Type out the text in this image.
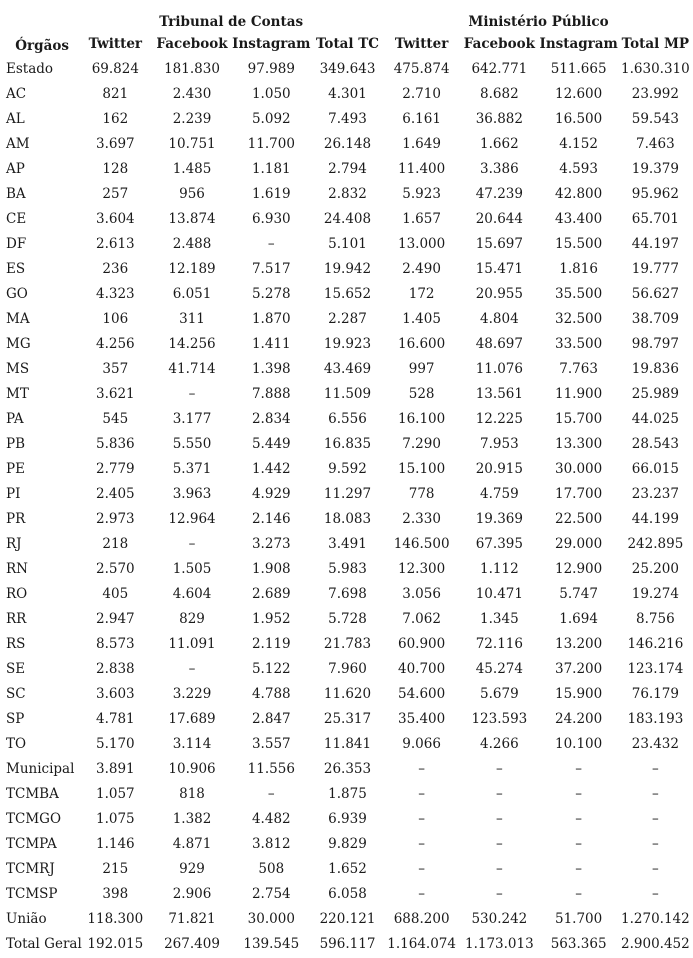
Órgãos	Tribunal de Contas				Ministério Público			
	Twitter	Facebook	Instagram	Total TC	Twitter	Facebook	Instagram	Total MP
Estado	69.824	181.830	97.989	349.643	475.874	642.771	511.665	1.630.310
AC	821	2.430	1.050	4.301	2.710	8.682	12.600	23.992
AL	162	2.239	5.092	7.493	6.161	36.882	16.500	59.543
AM	3.697	10.751	11.700	26.148	1.649	1.662	4.152	7.463
AP	128	1.485	1.181	2.794	11.400	3.386	4.593	19.379
BA	257	956	1.619	2.832	5.923	47.239	42.800	95.962
CE	3.604	13.874	6.930	24.408	1.657	20.644	43.400	65.701
DF	2.613	2.488	–	5.101	13.000	15.697	15.500	44.197
ES	236	12.189	7.517	19.942	2.490	15.471	1.816	19.777
GO	4.323	6.051	5.278	15.652	172	20.955	35.500	56.627
MA	106	311	1.870	2.287	1.405	4.804	32.500	38.709
MG	4.256	14.256	1.411	19.923	16.600	48.697	33.500	98.797
MS	357	41.714	1.398	43.469	997	11.076	7.763	19.836
MT	3.621	–	7.888	11.509	528	13.561	11.900	25.989
PA	545	3.177	2.834	6.556	16.100	12.225	15.700	44.025
PB	5.836	5.550	5.449	16.835	7.290	7.953	13.300	28.543
PE	2.779	5.371	1.442	9.592	15.100	20.915	30.000	66.015
PI	2.405	3.963	4.929	11.297	778	4.759	17.700	23.237
PR	2.973	12.964	2.146	18.083	2.330	19.369	22.500	44.199
RJ	218	–	3.273	3.491	146.500	67.395	29.000	242.895
RN	2.570	1.505	1.908	5.983	12.300	1.112	12.900	25.200
RO	405	4.604	2.689	7.698	3.056	10.471	5.747	19.274
RR	2.947	829	1.952	5.728	7.062	1.345	1.694	8.756
RS	8.573	11.091	2.119	21.783	60.900	72.116	13.200	146.216
SE	2.838	–	5.122	7.960	40.700	45.274	37.200	123.174
SC	3.603	3.229	4.788	11.620	54.600	5.679	15.900	76.179
SP	4.781	17.689	2.847	25.317	35.400	123.593	24.200	183.193
TO	5.170	3.114	3.557	11.841	9.066	4.266	10.100	23.432
Municipal	3.891	10.906	11.556	26.353	–	–	–	–
TCMBA	1.057	818	–	1.875	–	–	–	–
TCMGO	1.075	1.382	4.482	6.939	–	–	–	–
TCMPA	1.146	4.871	3.812	9.829	–	–	–	–
TCMRJ	215	929	508	1.652	–	–	–	–
TCMSP	398	2.906	2.754	6.058	–	–	–	–
União	118.300	71.821	30.000	220.121	688.200	530.242	51.700	1.270.142
Total Geral	192.015	267.409	139.545	596.117	1.164.074	1.173.013	563.365	2.900.452
